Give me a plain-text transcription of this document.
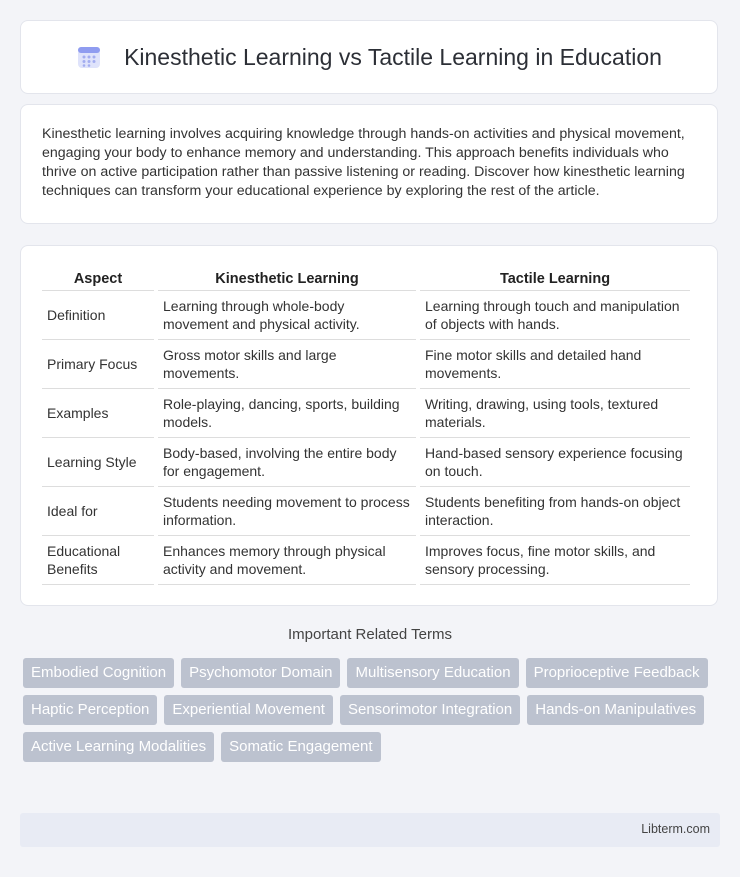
Kinesthetic Learning vs Tactile Learning in Education

Kinesthetic learning involves acquiring knowledge through hands-on activities and physical movement, engaging your body to enhance memory and understanding. This approach benefits individuals who thrive on active participation rather than passive listening or reading. Discover how kinesthetic learning techniques can transform your educational experience by exploring the rest of the article.

Aspect	Kinesthetic Learning	Tactile Learning
Definition	Learning through whole-body movement and physical activity.	Learning through touch and manipulation of objects with hands.
Primary Focus	Gross motor skills and large movements.	Fine motor skills and detailed hand movements.
Examples	Role-playing, dancing, sports, building models.	Writing, drawing, using tools, textured materials.
Learning Style	Body-based, involving the entire body for engagement.	Hand-based sensory experience focusing on touch.
Ideal for	Students needing movement to process information.	Students benefiting from hands-on object interaction.
Educational Benefits	Enhances memory through physical activity and movement.	Improves focus, fine motor skills, and sensory processing.
Important Related Terms
Embodied Cognition	Psychomotor Domain	Multisensory Education	Proprioceptive Feedback
Haptic Perception	Experiential Movement	Sensorimotor Integration	Hands-on Manipulatives
Active Learning Modalities	Somatic Engagement
Libterm.com
